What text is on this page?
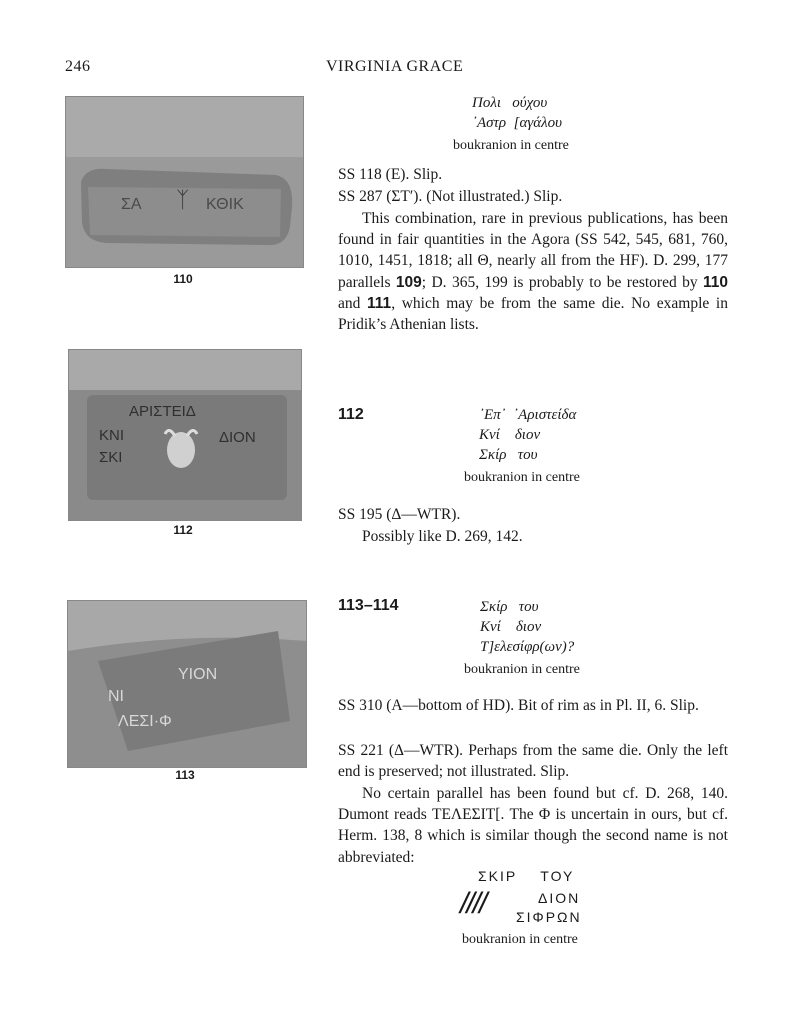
246	VIRGINIA GRACE
ΣΑ ᛉ ΚΘΙΚ
110
ΑΡΙΣΤΕΙΔ
ΚΝΙ	ΔΙΟΝ
ΣΚΙ
112
ΥΙΟΝ
ΝΙ
ΛΕΣΙ·Φ
113
Πολι   ούχου
᾿Αστρ  [αγάλου
boukranion in centre
SS 118 (E). Slip.
SS 287 (ΣΤ′). (Not illustrated.) Slip.
This combination, rare in previous publications, has been found in fair quantities in the Agora (SS 542, 545, 681, 760, 1010, 1451, 1818; all Θ, nearly all from the HF). D. 299, 177 parallels 109; D. 365, 199 is probably to be restored by 110 and 111, which may be from the same die. No example in Pridik’s Athenian lists.
112	᾿Επ᾿  ᾿Αριστείδα
Κνί    διον
Σκίρ   του
boukranion in centre
SS 195 (Δ—WTR).
Possibly like D. 269, 142.
113–114	Σκίρ   του
Κνί    διον
Τ]ελεσίφρ(ων)?
boukranion in centre
SS 310 (A—bottom of HD). Bit of rim as in Pl. II, 6. Slip.
SS 221 (Δ—WTR). Perhaps from the same die. Only the left end is preserved; not illustrated. Slip.
No certain parallel has been found but cf. D. 268, 140. Dumont reads ΤΕΛΕΣΙΤ[. The Φ is uncertain in ours, but cf. Herm. 138, 8 which is similar though the second name is not abbreviated:
ΣΚΙΡ    ΤΟΥ
////	ΔΙΟΝ
ΣΙΦΡΩΝ
boukranion in centre
